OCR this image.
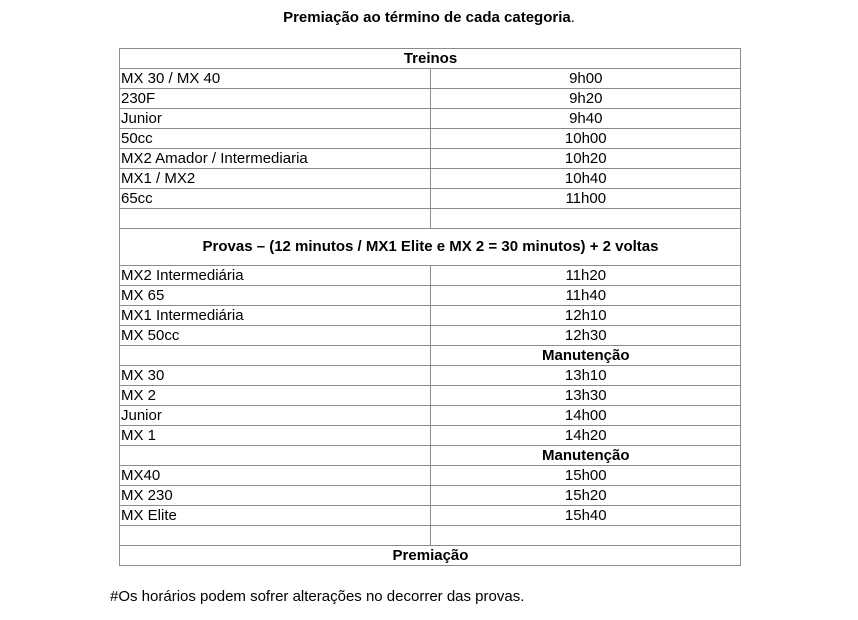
Premiação ao término de cada categoria.
Treinos	
MX 30 / MX 40	9h00
230F	9h20
Junior	9h40
50cc	10h00
MX2 Amador / Intermediaria	10h20
MX1 / MX2	10h40
65cc	11h00

Provas – (12 minutos / MX1 Elite e MX 2 = 30 minutos) + 2 voltas	
MX2 Intermediária	11h20
MX 65	11h40
MX1 Intermediária	12h10
MX 50cc	12h30
	Manutenção
MX 30	13h10
MX 2	13h30
Junior	14h00
MX 1	14h20
	Manutenção
MX40	15h00
MX 230	15h20
MX Elite	15h40

Premiação	
#Os horários podem sofrer alterações no decorrer das provas.
